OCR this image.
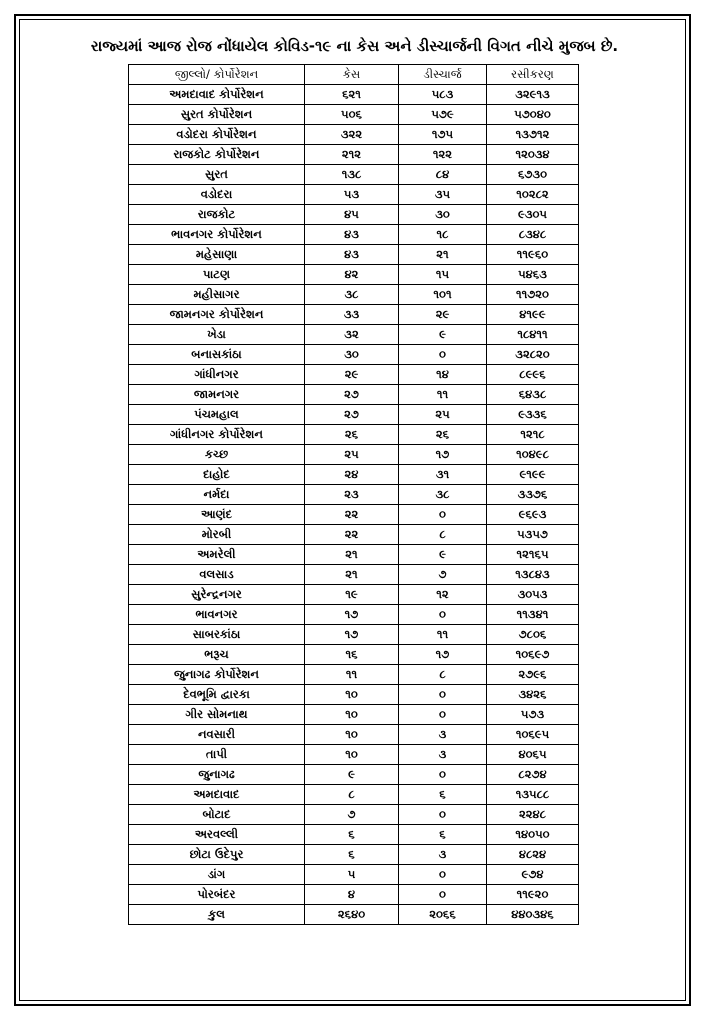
રાજ્યમાં આજ રોજ નોંધાયેલ કોવિડ-૧૯ ના કેસ અને ડીસ્ચાર્જની વિગત નીચે મુજબ છે.
જીલ્લો/ કોર્પોરેશન	કેસ	ડીસ્ચાર્જ	રસીકરણ
અમદાવાદ કોર્પોરેશન	૬૨૧	૫૮૩	૩૨૯૧૩
સુરત કોર્પોરેશન	૫૦૬	૫૭૯	૫૭૦૪૦
વડોદરા કોર્પોરેશન	૩૨૨	૧૭૫	૧૩૭૧૨
રાજકોટ કોર્પોરેશન	૨૧૨	૧૨૨	૧૨૦૩૪
સુરત	૧૩૮	૮૪	૬૭૩૦
વડોદરા	૫૩	૩૫	૧૦૨૮૨
રાજકોટ	૪૫	૩૦	૯૩૦૫
ભાવનગર કોર્પોરેશન	૪૩	૧૮	૮૩૪૮
મહેસાણા	૪૩	૨૧	૧૧૯૬૦
પાટણ	૪૨	૧૫	૫૪૬૩
મહીસાગર	૩૮	૧૦૧	૧૧૭૨૦
જામનગર કોર્પોરેશન	૩૩	૨૯	૪૧૯૯
ખેડા	૩૨	૯	૧૮૪૧૧
બનાસકાંઠા	૩૦	૦	૩૨૮૨૦
ગાંધીનગર	૨૯	૧૪	૮૯૯૬
જામનગર	૨૭	૧૧	૬૪૩૮
પંચમહાલ	૨૭	૨૫	૯૩૩૬
ગાંધીનગર કોર્પોરેશન	૨૬	૨૬	૧૨૧૮
કચ્છ	૨૫	૧૭	૧૦૪૯૮
દાહોદ	૨૪	૩૧	૯૧૯૯
નર્મદા	૨૩	૩૮	૩૩૭૬
આણંદ	૨૨	૦	૯૬૯૩
મોરબી	૨૨	૮	૫૩૫૭
અમરેલી	૨૧	૯	૧૨૧૬૫
વલસાડ	૨૧	૭	૧૩૮૪૩
સુરેન્દ્રનગર	૧૯	૧૨	૩૦૫૩
ભાવનગર	૧૭	૦	૧૧૩૪૧
સાબરકાંઠા	૧૭	૧૧	૭૮૦૬
ભરૂચ	૧૬	૧૭	૧૦૬૯૭
જુનાગઢ કોર્પોરેશન	૧૧	૮	૨૭૯૬
દેવભૂમિ દ્વારકા	૧૦	૦	૩૪૨૬
ગીર સોમનાથ	૧૦	૦	૫૭૩
નવસારી	૧૦	૩	૧૦૬૯૫
તાપી	૧૦	૩	૪૦૬૫
જુનાગઢ	૯	૦	૮૨૭૪
અમદાવાદ	૮	૬	૧૩૫૮૮
બોટાદ	૭	૦	૨૨૪૮
અરવલ્લી	૬	૬	૧૪૦૫૦
છોટા ઉદેપુર	૬	૩	૪૮૨૪
ડાંગ	૫	૦	૯૭૪
પોરબંદર	૪	૦	૧૧૯૨૦
કુલ	૨૬૪૦	૨૦૬૬	૪૪૦૩૪૬
